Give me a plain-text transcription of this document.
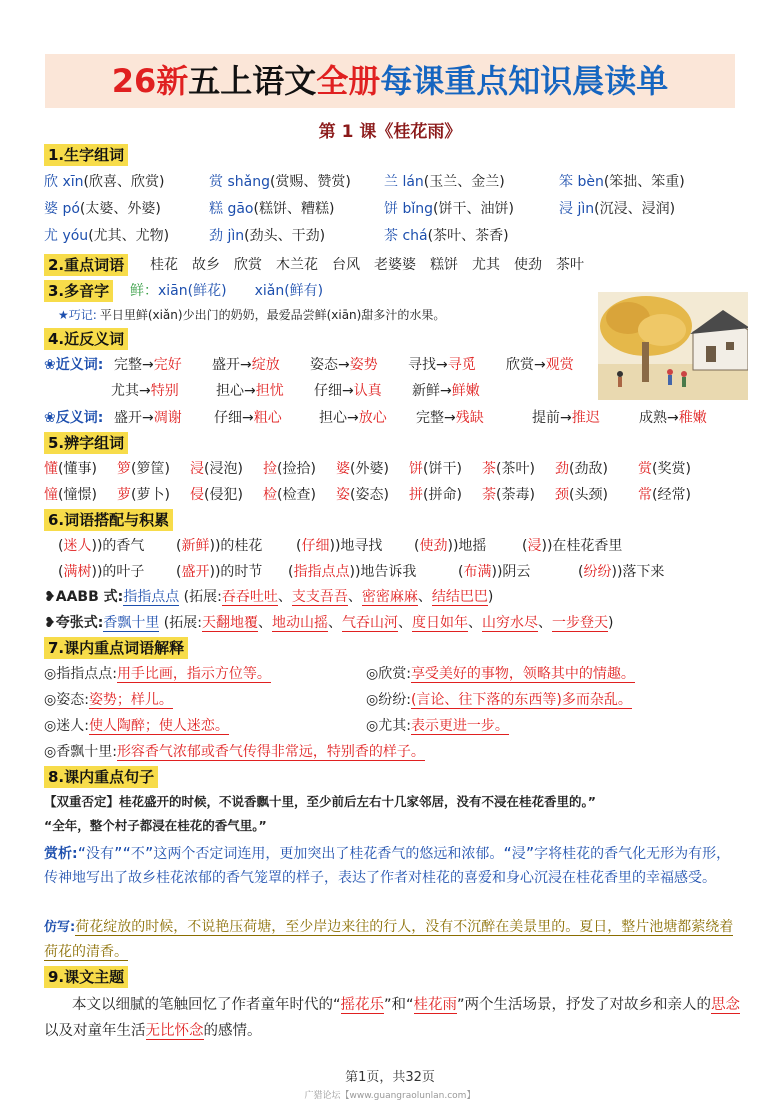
26新五上语文全册每课重点知识晨读单
第 1 课《桂花雨》
1.生字组词
欣 xīn(欣喜、欣赏)	赏 shǎng(赏赐、赞赏) 兰 lán(玉兰、金兰)	笨 bèn(笨拙、笨重)
婆 pó(太婆、外婆)	糕 gāo(糕饼、糟糕)	饼 bǐng(饼干、油饼)	浸 jìn(沉浸、浸润)
尤 yóu(尤其、尤物)	劲 jìn(劲头、干劲)	茶 chá(茶叶、茶香)
2.重点词语 桂花  故乡  欣赏  木兰花  台风  老婆婆  糕饼  尤其  使劲  茶叶
3.多音字 鲜：xiān(鲜花)   xiǎn(鲜有)
★巧记:  平日里鲜(xiǎn)少出门的奶奶，最爱品尝鲜(xiān)甜多汁的水果。
4.近反义词
❀近义词: 完整→完好 盛开→绽放 姿态→姿势 寻找→寻觅 欣赏→观赏
尤其→特别	担心→担忧 仔细→认真 新鲜→鲜嫩
❀反义词: 盛开→凋谢 仔细→粗心	担心→放心 完整→残缺	提前→推迟	成熟→稚嫩
5.辨字组词
懂(懂事) 箩(箩筐) 浸(浸泡) 捡(捡拾) 婆(外婆) 饼(饼干) 茶(茶叶) 劲(劲敌) 赏(奖赏)
憧(憧憬) 萝(萝卜) 侵(侵犯) 检(检查) 姿(姿态) 拼(拼命) 荼(荼毒) 颈(头颈) 常(经常)
6.词语搭配与积累
(迷人))的香气 (新鲜))的桂花 (仔细))地寻找 (使劲))地摇	(浸))在桂花香里
(满树))的叶子 (盛开))的时节 (指指点点))地告诉我	(布满))阴云	(纷纷))落下来
❥AABB 式:指指点点 (拓展:吞吞吐吐、支支吾吾、密密麻麻、结结巴巴)
❥夸张式:香飘十里 (拓展:天翻地覆、地动山摇、气吞山河、度日如年、山穷水尽、一步登天)
7.课内重点词语解释
◎指指点点:用手比画，指示方位等。	◎欣赏:享受美好的事物，领略其中的情趣。
◎姿态:姿势；样儿。	◎纷纷:(言论、往下落的东西等)多而杂乱。
◎迷人:使人陶醉；使人迷恋。	◎尤其:表示更进一步。
◎香飘十里:形容香气浓郁或香气传得非常远，特别香的样子。
8.课内重点句子
【双重否定】桂花盛开的时候，不说香飘十里，至少前后左右十几家邻居，没有不浸在桂花香里的。”
“全年，整个村子都浸在桂花的香气里。”
赏析:“没有”“不”这两个否定词连用，更加突出了桂花香气的悠远和浓郁。“浸”字将桂花的香气化无形为有形，传神地写出了故乡桂花浓郁的香气笼罩的样子，表达了作者对桂花的喜爱和身心沉浸在桂花香里的幸福感受。
仿写:荷花绽放的时候，不说艳压荷塘，至少岸边来往的行人，没有不沉醉在美景里的。夏日，整片池塘都萦绕着荷花的清香。
9.课文主题
本文以细腻的笔触回忆了作者童年时代的“摇花乐”和“桂花雨”两个生活场景，抒发了对故乡和亲人的思念以及对童年生活无比怀念的感情。
第1页，共32页
广猎论坛【www.guangraolunlan.com】
